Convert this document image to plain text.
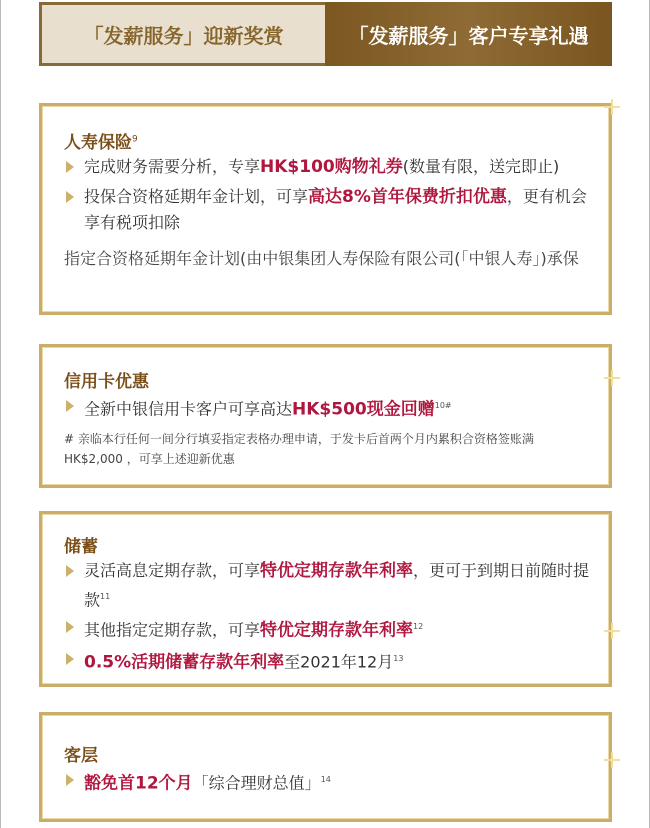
「发薪服务」迎新奖赏	「发薪服务」客户专享礼遇
人寿保险$^9$
完成财务需要分析，专享HK$100购物礼券(数量有限，送完即止)
投保合资格延期年金计划，可享高达8%首年保费折扣优惠，更有机会享有税项扣除
指定合资格延期年金计划(由中银集团人寿保险有限公司(「中银人寿」)承保
信用卡优惠
全新中银信用卡客户可享高达HK$500现金回赠$^{10\#}$
# 亲临本行任何一间分行填妥指定表格办理申请，于发卡后首两个月内累积合资格签账满HK$2,000 ，可享上述迎新优惠
储蓄
灵活高息定期存款，可享特优定期存款年利率，更可于到期日前随时提款$^{11}$
其他指定定期存款，可享特优定期存款年利率$^{12}$
0.5%活期储蓄存款年利率至2021年12月$^{13}$
客层
豁免首12个月「综合理财总值」$^{14}$
